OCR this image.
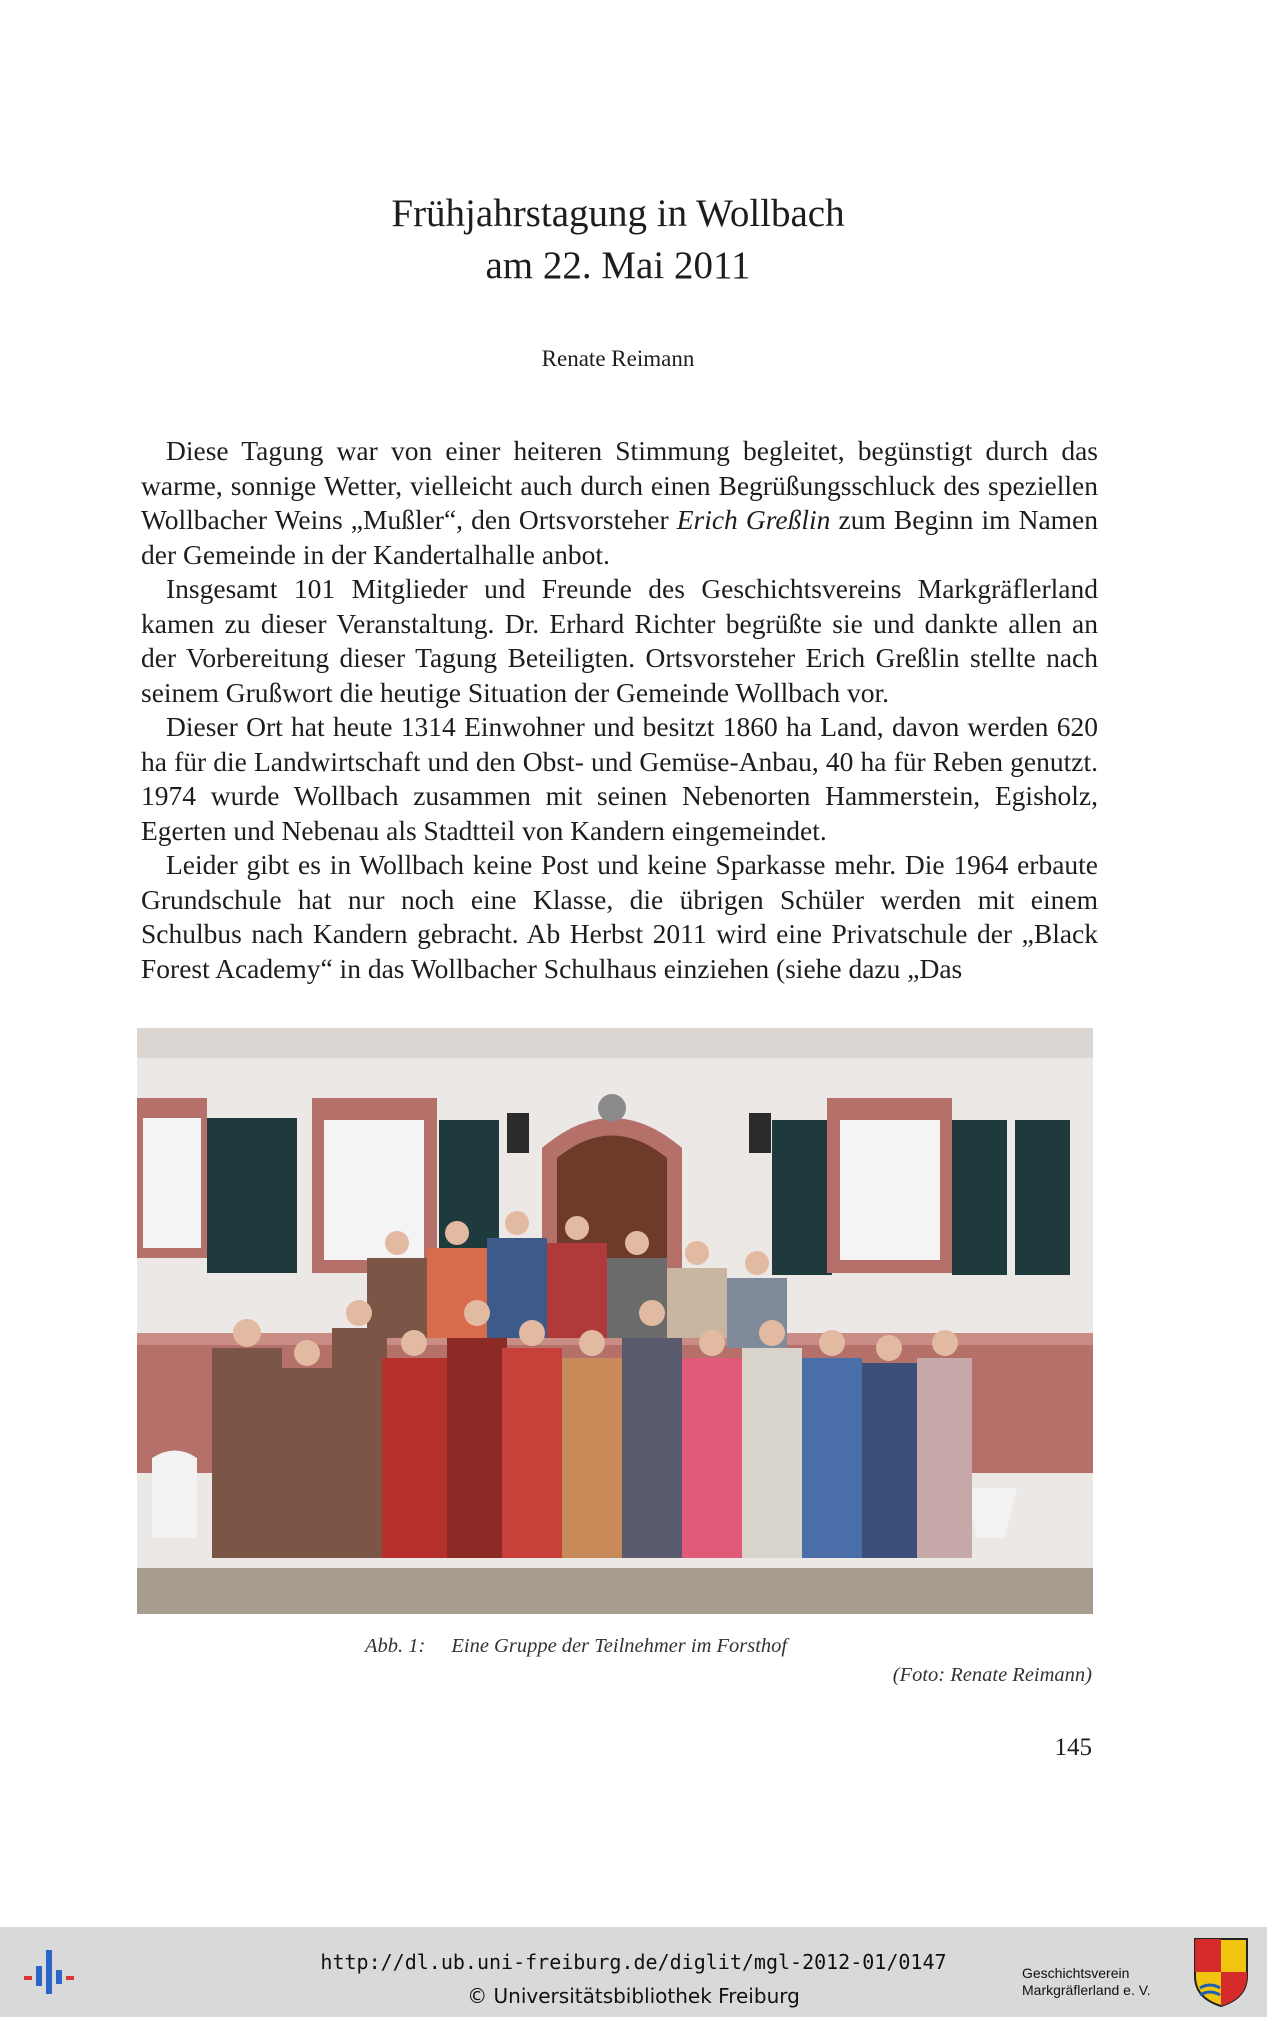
Frühjahrstagung in Wollbach
am 22. Mai 2011
Renate Reimann

Diese Tagung war von einer heiteren Stimmung begleitet, begünstigt durch das warme, sonnige Wetter, vielleicht auch durch einen Begrüßungsschluck des speziellen Wollbacher Weins „Mußler“, den Ortsvorsteher Erich Greßlin zum Beginn im Namen der Gemeinde in der Kandertalhalle anbot.

Insgesamt 101 Mitglieder und Freunde des Geschichtsvereins Markgräflerland kamen zu dieser Veranstaltung. Dr. Erhard Richter begrüßte sie und dankte allen an der Vorbereitung dieser Tagung Beteiligten. Ortsvorsteher Erich Greßlin stellte nach seinem Grußwort die heutige Situation der Gemeinde Wollbach vor.

Dieser Ort hat heute 1314 Einwohner und besitzt 1860 ha Land, davon werden 620 ha für die Landwirtschaft und den Obst- und Gemüse-Anbau, 40 ha für Reben genutzt. 1974 wurde Wollbach zusammen mit seinen Nebenorten Hammerstein, Egisholz, Egerten und Nebenau als Stadtteil von Kandern eingemeindet.

Leider gibt es in Wollbach keine Post und keine Sparkasse mehr. Die 1964 erbaute Grundschule hat nur noch eine Klasse, die übrigen Schüler werden mit einem Schulbus nach Kandern gebracht. Ab Herbst 2011 wird eine Privatschule der „Black Forest Academy“ in das Wollbacher Schulhaus einziehen (siehe dazu „Das

Abb. 1: Eine Gruppe der Teilnehmer im Forsthof
(Foto: Renate Reimann)
145
http://dl.ub.uni-freiburg.de/diglit/mgl-2012-01/0147
© Universitätsbibliothek Freiburg
Geschichtsverein
Markgräflerland e. V.
